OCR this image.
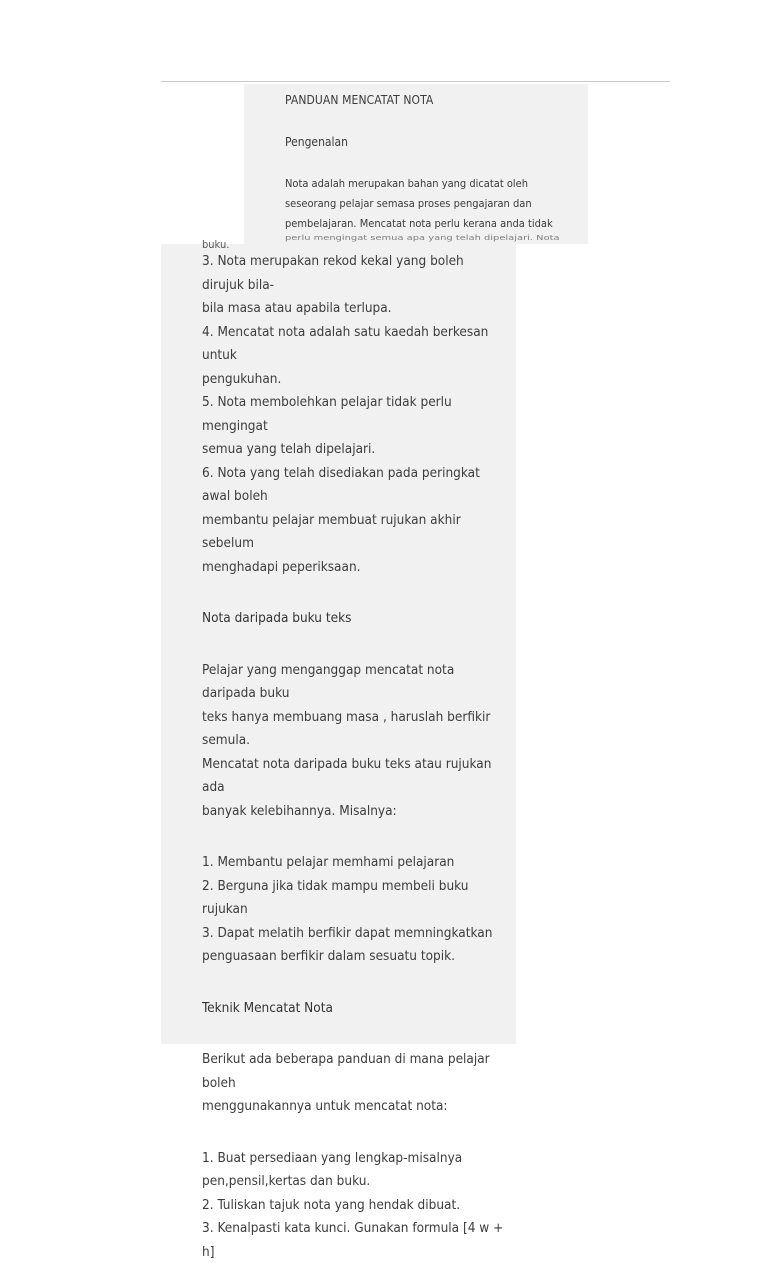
PANDUAN MENCATAT NOTA

Pengenalan

Nota adalah merupakan bahan yang dicatat oleh

seseorang pelajar semasa proses pengajaran dan

pembelajaran. Mencatat nota perlu kerana anda tidak

perlu mengingat semua apa yang telah dipelajari. Nota

buku.

3. Nota merupakan rekod kekal yang boleh dirujuk bila-

bila masa atau apabila terlupa.

4. Mencatat nota adalah satu kaedah berkesan untuk

pengukuhan.

5. Nota membolehkan pelajar tidak perlu mengingat

semua yang telah dipelajari.

6. Nota yang telah disediakan pada peringkat awal boleh

membantu pelajar membuat rujukan akhir sebelum

menghadapi peperiksaan.

Nota daripada buku teks

Pelajar yang menganggap mencatat nota daripada buku

teks hanya membuang masa , haruslah berfikir semula.

Mencatat nota daripada buku teks atau rujukan ada

banyak kelebihannya. Misalnya:

1. Membantu pelajar memhami pelajaran

2. Berguna jika tidak mampu membeli buku rujukan

3. Dapat melatih berfikir dapat memningkatkan

penguasaan berfikir dalam sesuatu topik.

Teknik Mencatat Nota

Berikut ada beberapa panduan di mana pelajar boleh

menggunakannya untuk mencatat nota:

1. Buat persediaan yang lengkap-misalnya

pen,pensil,kertas dan buku.

2. Tuliskan tajuk nota yang hendak dibuat.

3. Kenalpasti kata kunci. Gunakan formula [4 w + h]
